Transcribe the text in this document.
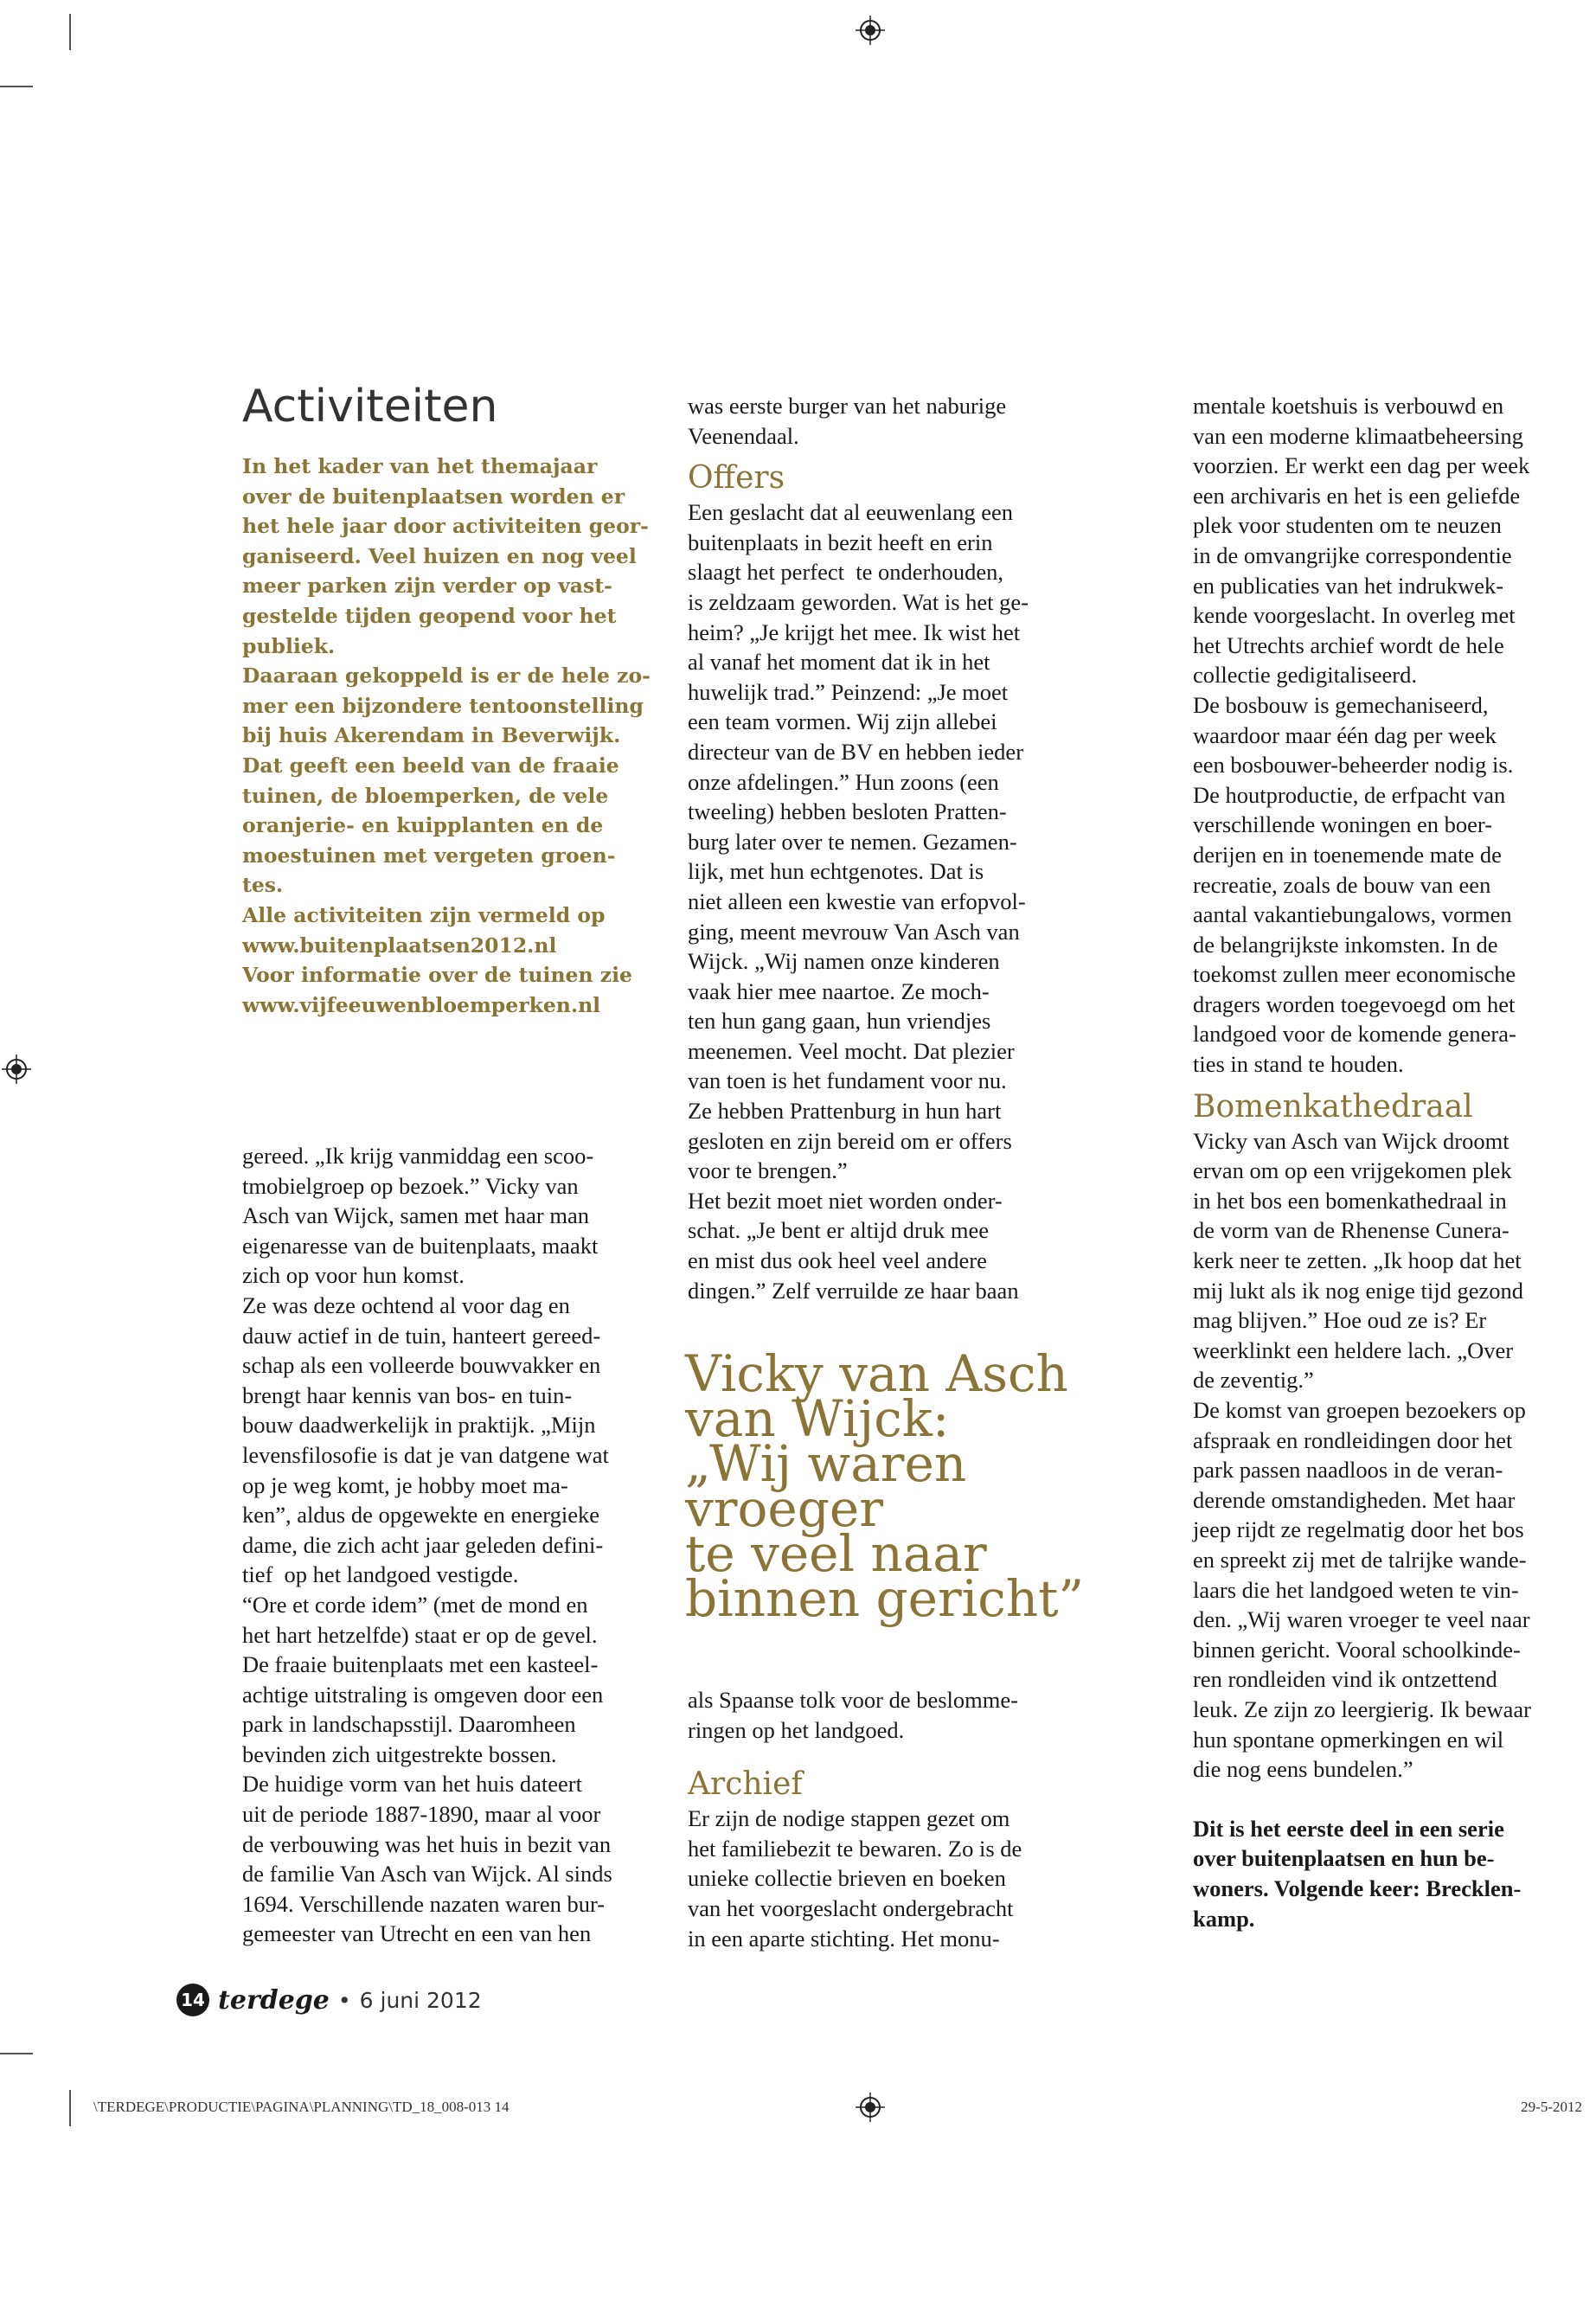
Activiteiten

In het kader van het themajaar

over de buitenplaatsen worden er

het hele jaar door activiteiten geor-

ganiseerd. Veel huizen en nog veel

meer parken zijn verder op vast-

gestelde tijden geopend voor het

publiek.

Daaraan gekoppeld is er de hele zo-

mer een bijzondere tentoonstelling

bij huis Akerendam in Beverwijk.

Dat geeft een beeld van de fraaie

tuinen, de bloemperken, de vele

oranjerie- en kuipplanten en de

moestuinen met vergeten groen-

tes.

Alle activiteiten zijn vermeld op

www.buitenplaatsen2012.nl

Voor informatie over de tuinen zie

www.vijfeeuwenbloemperken.nl

gereed. „Ik krijg vanmiddag een scoo-

tmobielgroep op bezoek.” Vicky van

Asch van Wijck, samen met haar man

eigenaresse van de buitenplaats, maakt

zich op voor hun komst.

Ze was deze ochtend al voor dag en

dauw actief in de tuin, hanteert gereed-

schap als een volleerde bouwvakker en

brengt haar kennis van bos- en tuin-

bouw daadwerkelijk in praktijk. „Mijn

levensfilosofie is dat je van datgene wat

op je weg komt, je hobby moet ma-

ken”, aldus de opgewekte en energieke

dame, die zich acht jaar geleden defini-

tief  op het landgoed vestigde.

“Ore et corde idem” (met de mond en

het hart hetzelfde) staat er op de gevel.

De fraaie buitenplaats met een kasteel-

achtige uitstraling is omgeven door een

park in landschapsstijl. Daaromheen

bevinden zich uitgestrekte bossen.

De huidige vorm van het huis dateert

uit de periode 1887-1890, maar al voor

de verbouwing was het huis in bezit van

de familie Van Asch van Wijck. Al sinds

1694. Verschillende nazaten waren bur-

gemeester van Utrecht en een van hen

was eerste burger van het naburige

Veenendaal.

Offers

Een geslacht dat al eeuwenlang een

buitenplaats in bezit heeft en erin

slaagt het perfect  te onderhouden,

is zeldzaam geworden. Wat is het ge-

heim? „Je krijgt het mee. Ik wist het

al vanaf het moment dat ik in het

huwelijk trad.” Peinzend: „Je moet

een team vormen. Wij zijn allebei

directeur van de BV en hebben ieder

onze afdelingen.” Hun zoons (een

tweeling) hebben besloten Pratten-

burg later over te nemen. Gezamen-

lijk, met hun echtgenotes. Dat is

niet alleen een kwestie van erfopvol-

ging, meent mevrouw Van Asch van

Wijck. „Wij namen onze kinderen

vaak hier mee naartoe. Ze moch-

ten hun gang gaan, hun vriendjes

meenemen. Veel mocht. Dat plezier

van toen is het fundament voor nu.

Ze hebben Prattenburg in hun hart

gesloten en zijn bereid om er offers

voor te brengen.”

Het bezit moet niet worden onder-

schat. „Je bent er altijd druk mee

en mist dus ook heel veel andere

dingen.” Zelf verruilde ze haar baan

Vicky van Asch

van Wijck:

„Wij waren

vroeger

te veel naar

binnen gericht”

als Spaanse tolk voor de beslomme-

ringen op het landgoed.

Archief

Er zijn de nodige stappen gezet om

het familiebezit te bewaren. Zo is de

unieke collectie brieven en boeken

van het voorgeslacht ondergebracht

in een aparte stichting. Het monu-

mentale koetshuis is verbouwd en

van een moderne klimaatbeheersing

voorzien. Er werkt een dag per week

een archivaris en het is een geliefde

plek voor studenten om te neuzen

in de omvangrijke correspondentie

en publicaties van het indrukwek-

kende voorgeslacht. In overleg met

het Utrechts archief wordt de hele

collectie gedigitaliseerd.

De bosbouw is gemechaniseerd,

waardoor maar één dag per week

een bosbouwer-beheerder nodig is.

De houtproductie, de erfpacht van

verschillende woningen en boer-

derijen en in toenemende mate de

recreatie, zoals de bouw van een

aantal vakantiebungalows, vormen

de belangrijkste inkomsten. In de

toekomst zullen meer economische

dragers worden toegevoegd om het

landgoed voor de komende genera-

ties in stand te houden.

Bomenkathedraal

Vicky van Asch van Wijck droomt

ervan om op een vrijgekomen plek

in het bos een bomenkathedraal in

de vorm van de Rhenense Cunera-

kerk neer te zetten. „Ik hoop dat het

mij lukt als ik nog enige tijd gezond

mag blijven.” Hoe oud ze is? Er

weerklinkt een heldere lach. „Over

de zeventig.”

De komst van groepen bezoekers op

afspraak en rondleidingen door het

park passen naadloos in de veran-

derende omstandigheden. Met haar

jeep rijdt ze regelmatig door het bos

en spreekt zij met de talrijke wande-

laars die het landgoed weten te vin-

den. „Wij waren vroeger te veel naar

binnen gericht. Vooral schoolkinde-

ren rondleiden vind ik ontzettend

leuk. Ze zijn zo leergierig. Ik bewaar

hun spontane opmerkingen en wil

die nog eens bundelen.”

Dit is het eerste deel in een serie

over buitenplaatsen en hun be-

woners. Volgende keer: Brecklen-

kamp.

14 terdege • 6 juni 2012
\TERDEGE\PRODUCTIE\PAGINA\PLANNING\TD_18_008-013 14	29-5-2012
